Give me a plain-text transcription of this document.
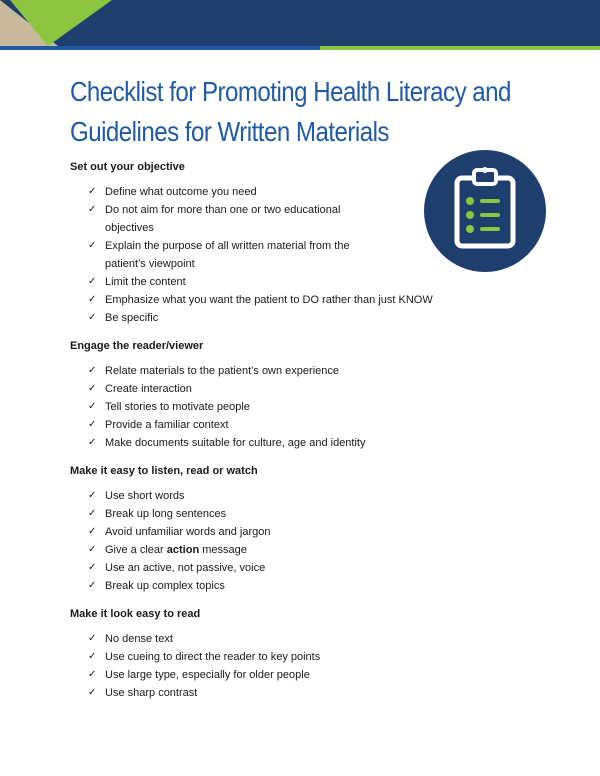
Checklist for Promoting Health Literacy and
Guidelines for Written Materials

Set out your objective

✓ Define what outcome you need
✓ Do not aim for more than one or two educational objectives
✓ Explain the purpose of all written material from the patient’s viewpoint
✓ Limit the content
✓ Emphasize what you want the patient to DO rather than just KNOW
✓ Be specific

Engage the reader/viewer

✓ Relate materials to the patient’s own experience
✓ Create interaction
✓ Tell stories to motivate people
✓ Provide a familiar context
✓ Make documents suitable for culture, age and identity

Make it easy to listen, read or watch

✓ Use short words
✓ Break up long sentences
✓ Avoid unfamiliar words and jargon
✓ Give a clear action message
✓ Use an active, not passive, voice
✓ Break up complex topics

Make it look easy to read

✓ No dense text
✓ Use cueing to direct the reader to key points
✓ Use large type, especially for older people
✓ Use sharp contrast
